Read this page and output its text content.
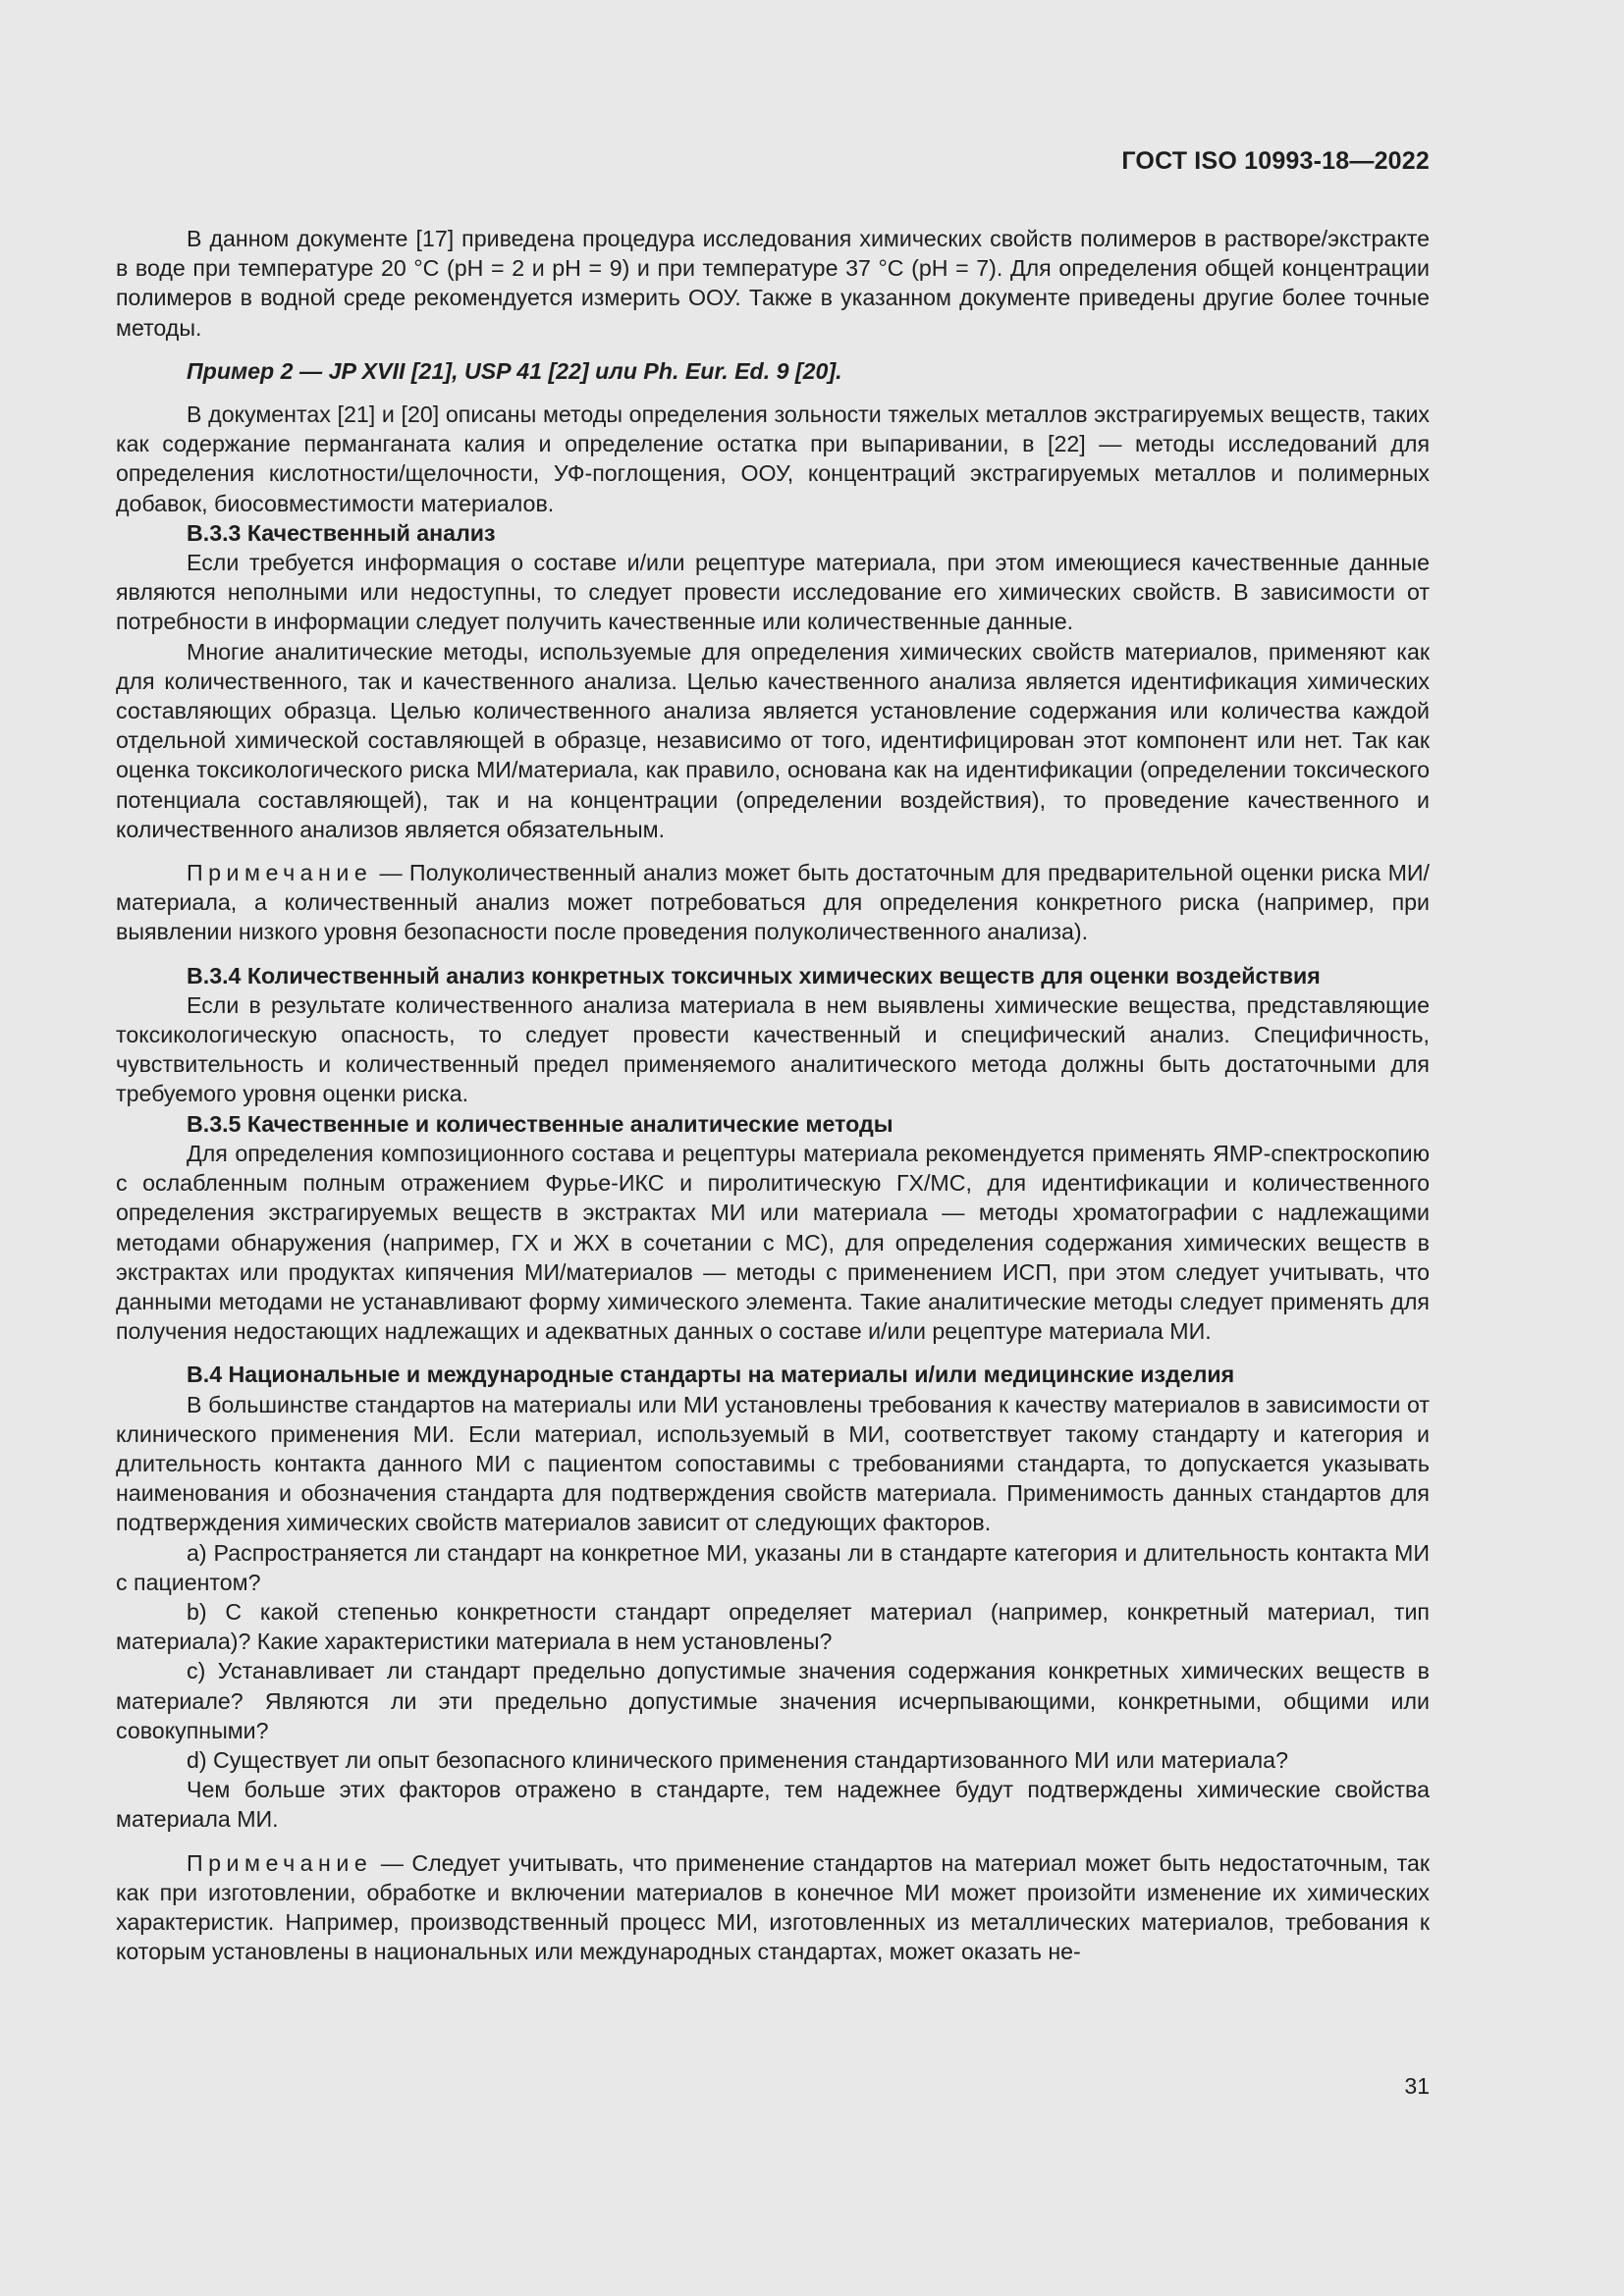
ГОСТ ISO 10993-18—2022

В данном документе [17] приведена процедура исследования химических свойств полимеров в растворе/экстракте в воде при температуре 20 °С (pH = 2 и pH = 9) и при температуре 37 °С (pH = 7). Для определения общей концентрации полимеров в водной среде рекомендуется измерить ООУ. Также в указанном документе приведены другие более точные методы.

Пример 2 — JP XVII [21], USP 41 [22] или Ph. Eur. Ed. 9 [20].

В документах [21] и [20] описаны методы определения зольности тяжелых металлов экстрагируемых веществ, таких как содержание перманганата калия и определение остатка при выпаривании, в [22] — методы исследований для определения кислотности/щелочности, УФ-поглощения, ООУ, концентраций экстрагируемых металлов и полимерных добавок, биосовместимости материалов.

В.3.3 Качественный анализ

Если требуется информация о составе и/или рецептуре материала, при этом имеющиеся качественные данные являются неполными или недоступны, то следует провести исследование его химических свойств. В зависимости от потребности в информации следует получить качественные или количественные данные.

Многие аналитические методы, используемые для определения химических свойств материалов, применяют как для количественного, так и качественного анализа. Целью качественного анализа является идентификация химических составляющих образца. Целью количественного анализа является установление содержания или количества каждой отдельной химической составляющей в образце, независимо от того, идентифицирован этот компонент или нет. Так как оценка токсикологического риска МИ/материала, как правило, основана как на идентификации (определении токсического потенциала составляющей), так и на концентрации (определении воздействия), то проведение качественного и количественного анализов является обязательным.

Примечание — Полуколичественный анализ может быть достаточным для предварительной оценки риска МИ/материала, а количественный анализ может потребоваться для определения конкретного риска (например, при выявлении низкого уровня безопасности после проведения полуколичественного анализа).

В.3.4 Количественный анализ конкретных токсичных химических веществ для оценки воздействия

Если в результате количественного анализа материала в нем выявлены химические вещества, представляющие токсикологическую опасность, то следует провести качественный и специфический анализ. Специфичность, чувствительность и количественный предел применяемого аналитического метода должны быть достаточными для требуемого уровня оценки риска.

В.3.5 Качественные и количественные аналитические методы

Для определения композиционного состава и рецептуры материала рекомендуется применять ЯМР-спектроскопию с ослабленным полным отражением Фурье-ИКС и пиролитическую ГХ/МС, для идентификации и количественного определения экстрагируемых веществ в экстрактах МИ или материала — методы хроматографии с надлежащими методами обнаружения (например, ГХ и ЖХ в сочетании с МС), для определения содержания химических веществ в экстрактах или продуктах кипячения МИ/материалов — методы с применением ИСП, при этом следует учитывать, что данными методами не устанавливают форму химического элемента. Такие аналитические методы следует применять для получения недостающих надлежащих и адекватных данных о составе и/или рецептуре материала МИ.

В.4 Национальные и международные стандарты на материалы и/или медицинские изделия

В большинстве стандартов на материалы или МИ установлены требования к качеству материалов в зависимости от клинического применения МИ. Если материал, используемый в МИ, соответствует такому стандарту и категория и длительность контакта данного МИ с пациентом сопоставимы с требованиями стандарта, то допускается указывать наименования и обозначения стандарта для подтверждения свойств материала. Применимость данных стандартов для подтверждения химических свойств материалов зависит от следующих факторов.

а) Распространяется ли стандарт на конкретное МИ, указаны ли в стандарте категория и длительность контакта МИ с пациентом?

b) С какой степенью конкретности стандарт определяет материал (например, конкретный материал, тип материала)? Какие характеристики материала в нем установлены?

с) Устанавливает ли стандарт предельно допустимые значения содержания конкретных химических веществ в материале? Являются ли эти предельно допустимые значения исчерпывающими, конкретными, общими или совокупными?

d) Существует ли опыт безопасного клинического применения стандартизованного МИ или материала?

Чем больше этих факторов отражено в стандарте, тем надежнее будут подтверждены химические свойства материала МИ.

Примечание — Следует учитывать, что применение стандартов на материал может быть недостаточным, так как при изготовлении, обработке и включении материалов в конечное МИ может произойти изменение их химических характеристик. Например, производственный процесс МИ, изготовленных из металлических материалов, требования к которым установлены в национальных или международных стандартах, может оказать не-

31
